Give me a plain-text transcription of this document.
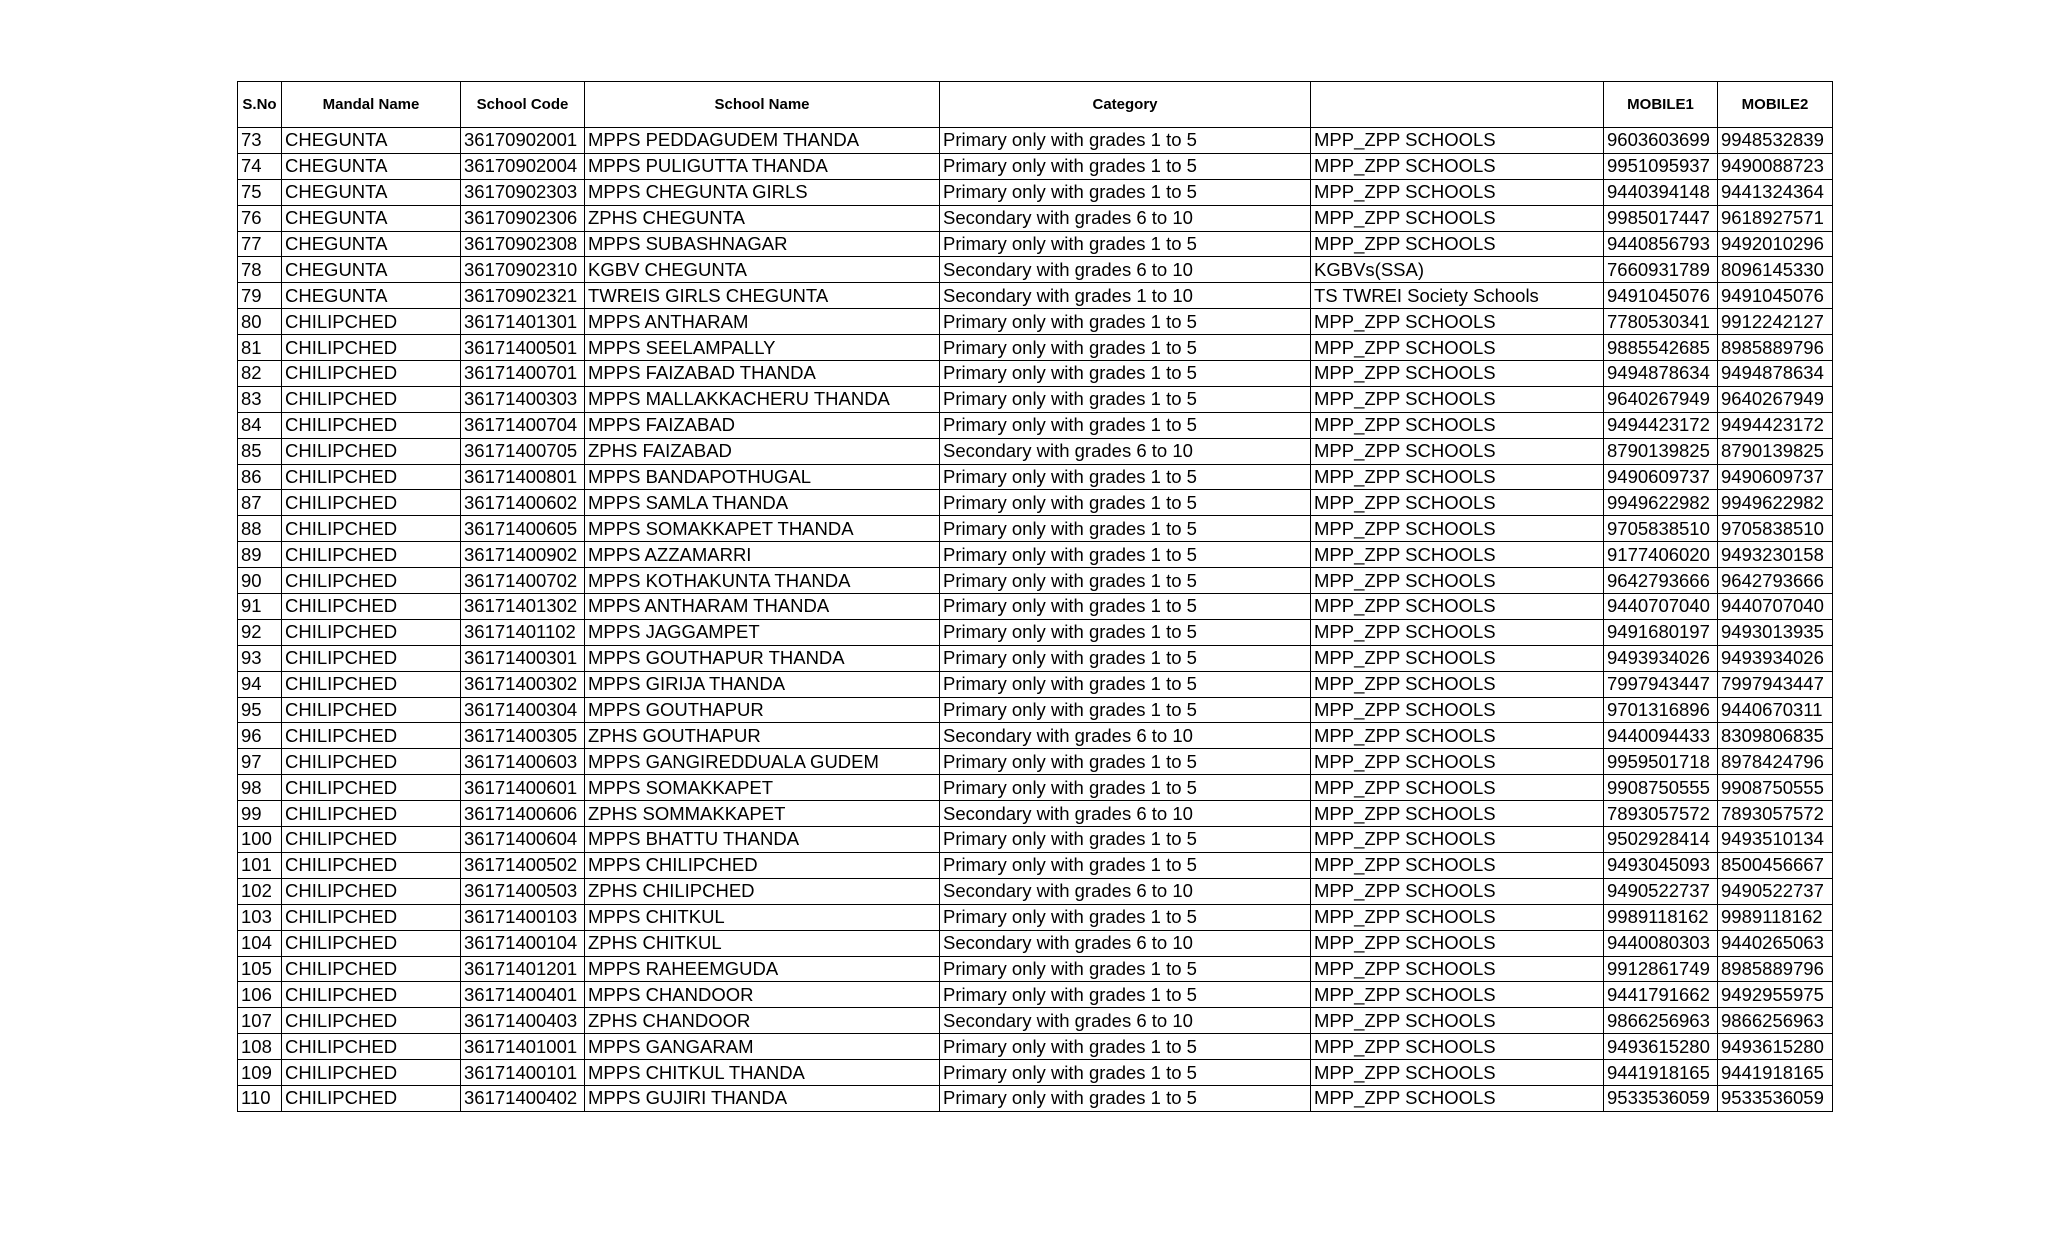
S.No	Mandal Name	School Code	School Name	Category		MOBILE1	MOBILE2
73	CHEGUNTA	36170902001	MPPS PEDDAGUDEM THANDA	Primary only with grades 1 to 5	MPP_ZPP SCHOOLS	9603603699	9948532839
74	CHEGUNTA	36170902004	MPPS PULIGUTTA THANDA	Primary only with grades 1 to 5	MPP_ZPP SCHOOLS	9951095937	9490088723
75	CHEGUNTA	36170902303	MPPS CHEGUNTA GIRLS	Primary only with grades 1 to 5	MPP_ZPP SCHOOLS	9440394148	9441324364
76	CHEGUNTA	36170902306	ZPHS CHEGUNTA	Secondary with grades 6 to 10	MPP_ZPP SCHOOLS	9985017447	9618927571
77	CHEGUNTA	36170902308	MPPS SUBASHNAGAR	Primary only with grades 1 to 5	MPP_ZPP SCHOOLS	9440856793	9492010296
78	CHEGUNTA	36170902310	KGBV CHEGUNTA	Secondary with grades 6 to 10	KGBVs(SSA)	7660931789	8096145330
79	CHEGUNTA	36170902321	TWREIS GIRLS CHEGUNTA	Secondary with grades 1 to 10	TS TWREI Society Schools	9491045076	9491045076
80	CHILIPCHED	36171401301	MPPS ANTHARAM	Primary only with grades 1 to 5	MPP_ZPP SCHOOLS	7780530341	9912242127
81	CHILIPCHED	36171400501	MPPS SEELAMPALLY	Primary only with grades 1 to 5	MPP_ZPP SCHOOLS	9885542685	8985889796
82	CHILIPCHED	36171400701	MPPS FAIZABAD THANDA	Primary only with grades 1 to 5	MPP_ZPP SCHOOLS	9494878634	9494878634
83	CHILIPCHED	36171400303	MPPS MALLAKKACHERU THANDA	Primary only with grades 1 to 5	MPP_ZPP SCHOOLS	9640267949	9640267949
84	CHILIPCHED	36171400704	MPPS FAIZABAD	Primary only with grades 1 to 5	MPP_ZPP SCHOOLS	9494423172	9494423172
85	CHILIPCHED	36171400705	ZPHS FAIZABAD	Secondary with grades 6 to 10	MPP_ZPP SCHOOLS	8790139825	8790139825
86	CHILIPCHED	36171400801	MPPS BANDAPOTHUGAL	Primary only with grades 1 to 5	MPP_ZPP SCHOOLS	9490609737	9490609737
87	CHILIPCHED	36171400602	MPPS SAMLA THANDA	Primary only with grades 1 to 5	MPP_ZPP SCHOOLS	9949622982	9949622982
88	CHILIPCHED	36171400605	MPPS SOMAKKAPET THANDA	Primary only with grades 1 to 5	MPP_ZPP SCHOOLS	9705838510	9705838510
89	CHILIPCHED	36171400902	MPPS AZZAMARRI	Primary only with grades 1 to 5	MPP_ZPP SCHOOLS	9177406020	9493230158
90	CHILIPCHED	36171400702	MPPS KOTHAKUNTA THANDA	Primary only with grades 1 to 5	MPP_ZPP SCHOOLS	9642793666	9642793666
91	CHILIPCHED	36171401302	MPPS ANTHARAM THANDA	Primary only with grades 1 to 5	MPP_ZPP SCHOOLS	9440707040	9440707040
92	CHILIPCHED	36171401102	MPPS JAGGAMPET	Primary only with grades 1 to 5	MPP_ZPP SCHOOLS	9491680197	9493013935
93	CHILIPCHED	36171400301	MPPS GOUTHAPUR THANDA	Primary only with grades 1 to 5	MPP_ZPP SCHOOLS	9493934026	9493934026
94	CHILIPCHED	36171400302	MPPS GIRIJA THANDA	Primary only with grades 1 to 5	MPP_ZPP SCHOOLS	7997943447	7997943447
95	CHILIPCHED	36171400304	MPPS GOUTHAPUR	Primary only with grades 1 to 5	MPP_ZPP SCHOOLS	9701316896	9440670311
96	CHILIPCHED	36171400305	ZPHS GOUTHAPUR	Secondary with grades 6 to 10	MPP_ZPP SCHOOLS	9440094433	8309806835
97	CHILIPCHED	36171400603	MPPS GANGIREDDUALA GUDEM	Primary only with grades 1 to 5	MPP_ZPP SCHOOLS	9959501718	8978424796
98	CHILIPCHED	36171400601	MPPS SOMAKKAPET	Primary only with grades 1 to 5	MPP_ZPP SCHOOLS	9908750555	9908750555
99	CHILIPCHED	36171400606	ZPHS SOMMAKKAPET	Secondary with grades 6 to 10	MPP_ZPP SCHOOLS	7893057572	7893057572
100	CHILIPCHED	36171400604	MPPS BHATTU THANDA	Primary only with grades 1 to 5	MPP_ZPP SCHOOLS	9502928414	9493510134
101	CHILIPCHED	36171400502	MPPS CHILIPCHED	Primary only with grades 1 to 5	MPP_ZPP SCHOOLS	9493045093	8500456667
102	CHILIPCHED	36171400503	ZPHS CHILIPCHED	Secondary with grades 6 to 10	MPP_ZPP SCHOOLS	9490522737	9490522737
103	CHILIPCHED	36171400103	MPPS CHITKUL	Primary only with grades 1 to 5	MPP_ZPP SCHOOLS	9989118162	9989118162
104	CHILIPCHED	36171400104	ZPHS CHITKUL	Secondary with grades 6 to 10	MPP_ZPP SCHOOLS	9440080303	9440265063
105	CHILIPCHED	36171401201	MPPS RAHEEMGUDA	Primary only with grades 1 to 5	MPP_ZPP SCHOOLS	9912861749	8985889796
106	CHILIPCHED	36171400401	MPPS CHANDOOR	Primary only with grades 1 to 5	MPP_ZPP SCHOOLS	9441791662	9492955975
107	CHILIPCHED	36171400403	ZPHS CHANDOOR	Secondary with grades 6 to 10	MPP_ZPP SCHOOLS	9866256963	9866256963
108	CHILIPCHED	36171401001	MPPS GANGARAM	Primary only with grades 1 to 5	MPP_ZPP SCHOOLS	9493615280	9493615280
109	CHILIPCHED	36171400101	MPPS CHITKUL THANDA	Primary only with grades 1 to 5	MPP_ZPP SCHOOLS	9441918165	9441918165
110	CHILIPCHED	36171400402	MPPS GUJIRI THANDA	Primary only with grades 1 to 5	MPP_ZPP SCHOOLS	9533536059	9533536059
